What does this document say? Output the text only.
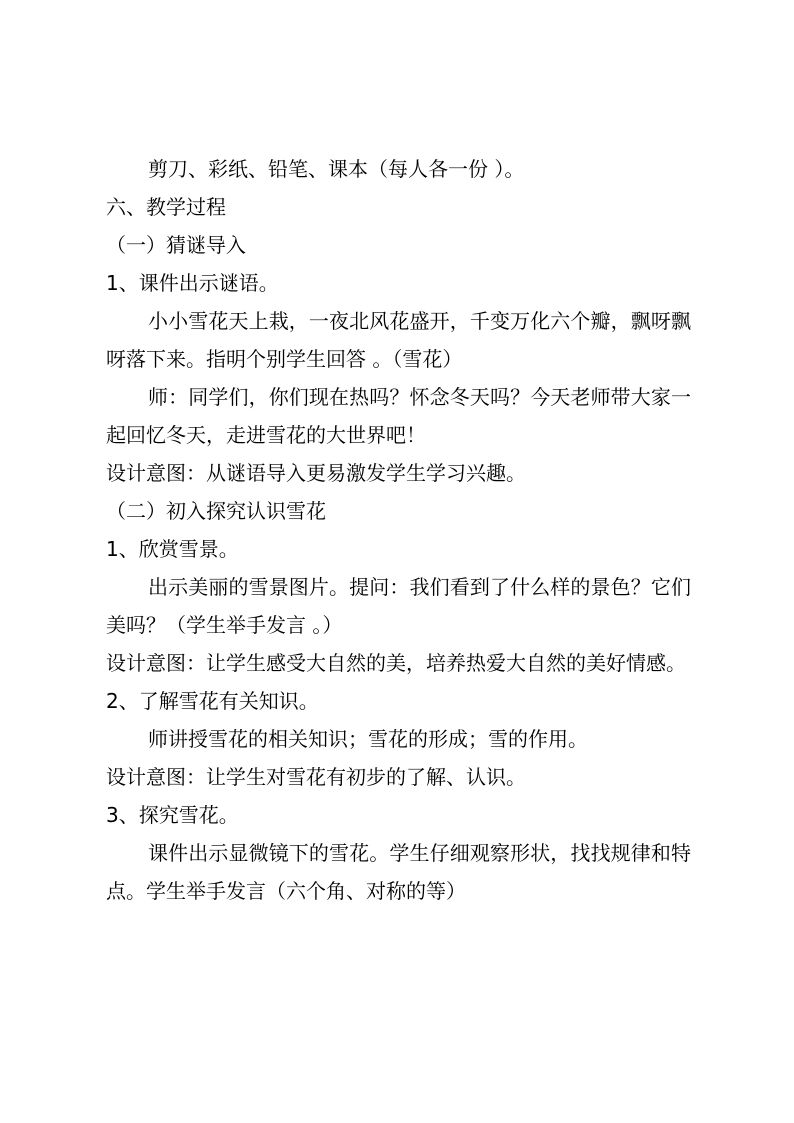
剪刀、彩纸、铅笔、课本（每人各一份 ）。
六、教学过程
（一）猜谜导入
1、课件出示谜语。
小小雪花天上栽，一夜北风花盛开，千变万化六个瓣，飘呀飘呀落下来。指明个别学生回答 。（雪花）
师：同学们，你们现在热吗？怀念冬天吗？今天老师带大家一起回忆冬天，走进雪花的大世界吧！
设计意图：从谜语导入更易激发学生学习兴趣。
（二）初入探究认识雪花
1、欣赏雪景。
出示美丽的雪景图片。提问：我们看到了什么样的景色？它们美吗？（学生举手发言 。）
设计意图：让学生感受大自然的美，培养热爱大自然的美好情感。
2、了解雪花有关知识。
师讲授雪花的相关知识；雪花的形成；雪的作用。
设计意图：让学生对雪花有初步的了解、认识。
3、探究雪花。
课件出示显微镜下的雪花。学生仔细观察形状，找找规律和特点。学生举手发言（六个角、对称的等）
